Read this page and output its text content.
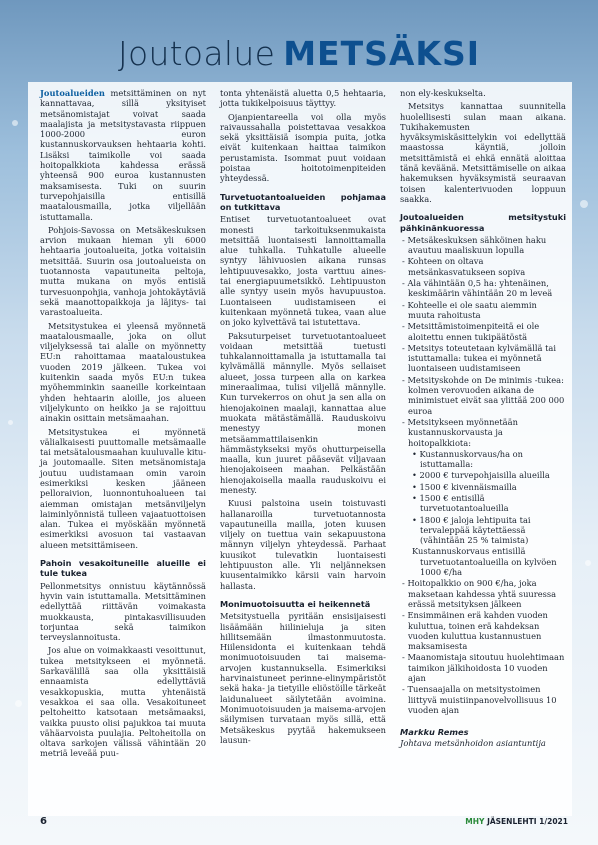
Joutoalue METSÄKSI

Joutoalueiden metsittäminen on nyt kannattavaa, sillä yksityiset metsänomistajat voivat saada maalajista ja metsitystavasta riippuen 1000-2000 euron kustannuskorvauksen hehtaaria kohti. Lisäksi taimikolle voi saada hoitopalkkiota kahdessa erässä yhteensä 900 euroa kustannusten maksamisesta. Tuki on suurin turvepohjaisilla entisillä maatalousmailla, jotka viljellään istuttamalla.

Pohjois-Savossa on Metsäkeskuksen arvion mukaan hieman yli 6000 hehtaaria joutoalueita, jotka voitaisiin metsittää. Suurin osa joutoalueista on tuotannosta vapautuneita peltoja, mutta mukana on myös entisiä turvesuonpohjia, vanhoja johtokäytäviä sekä maanottopaikkoja ja läjitys- tai varastoalueita.

Metsitystukea ei yleensä myönnetä maatalousmaalle, joka on ollut viljelyksessä tai alalle on myönnetty EU:n rahoittamaa maataloustukea vuoden 2019 jälkeen. Tukea voi kuitenkin saada myös EU:n tukea myöhemminkin saaneille korkeintaan yhden hehtaarin aloille, jos alueen viljelykunto on heikko ja se rajoittuu ainakin osittain metsämaahan.

Metsitystukea ei myönnetä välialkaisesti puuttomalle metsämaalle tai metsätalousmaahan kuuluvalle kitu- ja joutomaalle. Siten metsänomistaja joutuu uudistamaan omin varoin esimerkiksi kesken jääneen pelloraivion, luonnontuhoalueen tai aiemman omistajan metsänviljelyn laiminlyönnistä tulleen vajaatuottoisen alan. Tukea ei myöskään myönnetä esimerkiksi avosuon tai vastaavan alueen metsittämiseen.

Pahoin vesakoituneille alueille ei tule tukea

Pellonmetsitys onnistuu käytännössä hyvin vain istuttamalla. Metsittäminen edellyttää riittävän voimakasta muokkausta, pintakasvillisuuden torjuntaa sekä taimikon terveyslannoitusta.

Jos alue on voimakkaasti vesoittunut, tukea metsitykseen ei myönnetä. Sarkavälillä saa olla yksittäisiä ennaamista edellyttäviä vesakkopuskia, mutta yhtenäistä vesakkoa ei saa olla. Vesakoituneet peltoheitto katsotaan metsämaaksi, vaikka puusto olisi pajukkoa tai muuta vähäarvoista puulajia. Peltoheitolla on oltava sarkojen välissä vähintään 20 metriä leveää puu-

tonta yhtenäistä aluetta 0,5 hehtaaria, jotta tukikelpoisuus täyttyy.

Ojanpientareella voi olla myös raivaussahalla poistettavaa vesakkoa sekä yksittäisiä isompia puita, jotka eivät kuitenkaan haittaa taimikon perustamista. Isommat puut voidaan poistaa hoitotoimenpiteiden yhteydessä.

Turvetuotantoalueiden pohjamaa on tutkittava

Entiset turvetuotantoalueet ovat monesti tarkoituksenmukaista metsittää luontaisesti lannoittamalla alue tuhkalla. Tuhkatulle alueelle syntyy lähivuosien aikana runsas lehtipuuvesakko, josta varttuu aines- tai energiapuumetsikkö. Lehtipuuston alle syntyy usein myös havupuustoa. Luontaiseen uudistamiseen ei kuitenkaan myönnetä tukea, vaan alue on joko kylvettävä tai istutettava.

Paksuturpeiset turvetuotantoalueet voidaan metsittää tuetusti tuhkalannoittamalla ja istuttamalla tai kylvämällä männylle. Myös sellaiset alueet, jossa turpeen alla on karkea mineraalimaa, tulisi viljellä männylle. Kun turvekerros on ohut ja sen alla on hienojakoinen maalaji, kannattaa alue muokata mätästämällä. Rauduskoivu menestyy monen metsäammattilaisenkin hämmästykseksi myös ohutturpeisella maalla, kun juuret pääsevät viljavaan hienojakoiseen maahan. Pelkästään hienojakoisella maalla rauduskoivu ei menesty.

Kuusi palstoina usein toistuvasti hallanaroilla turvetuotannosta vapautuneilla mailla, joten kuusen viljely on tuettua vain sekapuustona männyn viljelyn yhteydessä. Parhaat kuusikot tulevatkin luontaisesti lehtipuuston alle. Yli neljänneksen kuusentaimikko kärsii vain harvoin hallasta.

Monimuotoisuutta ei heikennetä

Metsitystuella pyritään ensisijaisesti lisäämään hiilinieluja ja siten hillitsemään ilmastonmuutosta. Hiilensidonta ei kuitenkaan tehdä monimuotoisuuden tai maisema-arvojen kustannuksella. Esimerkiksi harvinaistuneet perinne-elinympäristöt sekä haka- ja tietyille eliöstöille tärkeät laidunalueet säilytetään avoimina. Monimuotoisuuden ja maisema-arvojen säilymisen turvataan myös sillä, että Metsäkeskus pyytää hakemukseen lausun-

non ely-keskukselta.

Metsitys kannattaa suunnitella huolellisesti sulan maan aikana. Tukihakemusten hyväksymiskäsittelykin voi edellyttää maastossa käyntiä, jolloin metsittämistä ei ehkä ennätä aloittaa tänä keväänä. Metsittämiselle on aikaa hakemuksen hyväksymistä seuraavan toisen kalenterivuoden loppuun saakka.

Joutoalueiden metsitystuki pähkinänkuoressa
- Metsäkeskuksen sähköinen haku avautuu maaliskuun lopulla
- Kohteen on oltava metsänkasvatukseen sopiva
- Ala vähintään 0,5 ha: yhtenäinen, keskimäärin vähintään 20 m leveä
- Kohteelle ei ole saatu aiemmin muuta rahoitusta
- Metsittämistoimenpiteitä ei ole aloitettu ennen tukipäätöstä
- Metsitys toteutetaan kylvämällä tai istuttamalla: tukea ei myönnetä luontaiseen uudistamiseen
- Metsityskohde on De minimis -tukea: kolmen verovuoden aikana de minimistuet eivät saa ylittää 200 000 euroa
- Metsitykseen myönnetään kustannuskorvausta ja hoitopalkkiota:
• Kustannuskorvaus/ha on istuttamalla:
• 2000 € turvepohjaisilla alueilla
• 1500 € kivennäismailla
• 1500 € entisillä turvetuotantoalueilla
• 1800 € jaloja lehtipuita tai tervaleppää käytettäessä (vähintään 25 % taimista)
Kustannuskorvaus entisillä turvetuotantoalueilla on kylvöen 1000 €/ha
- Hoitopalkkio on 900 €/ha, joka maksetaan kahdessa yhtä suuressa erässä metsityksen jälkeen
- Ensimmäinen erä kahden vuoden kuluttua, toinen erä kahdeksan vuoden kuluttua kustannustuen maksamisesta
- Maanomistaja sitoutuu huolehtimaan taimikon jälkihoidosta 10 vuoden ajan
- Tuensaajalla on metsitystoimen liittyvä muistiinpanovelvollisuus 10 vuoden ajan
Markku Remes
Johtava metsänhoidon asiantuntija
6	MHY JÄSENLEHTI 1/2021
